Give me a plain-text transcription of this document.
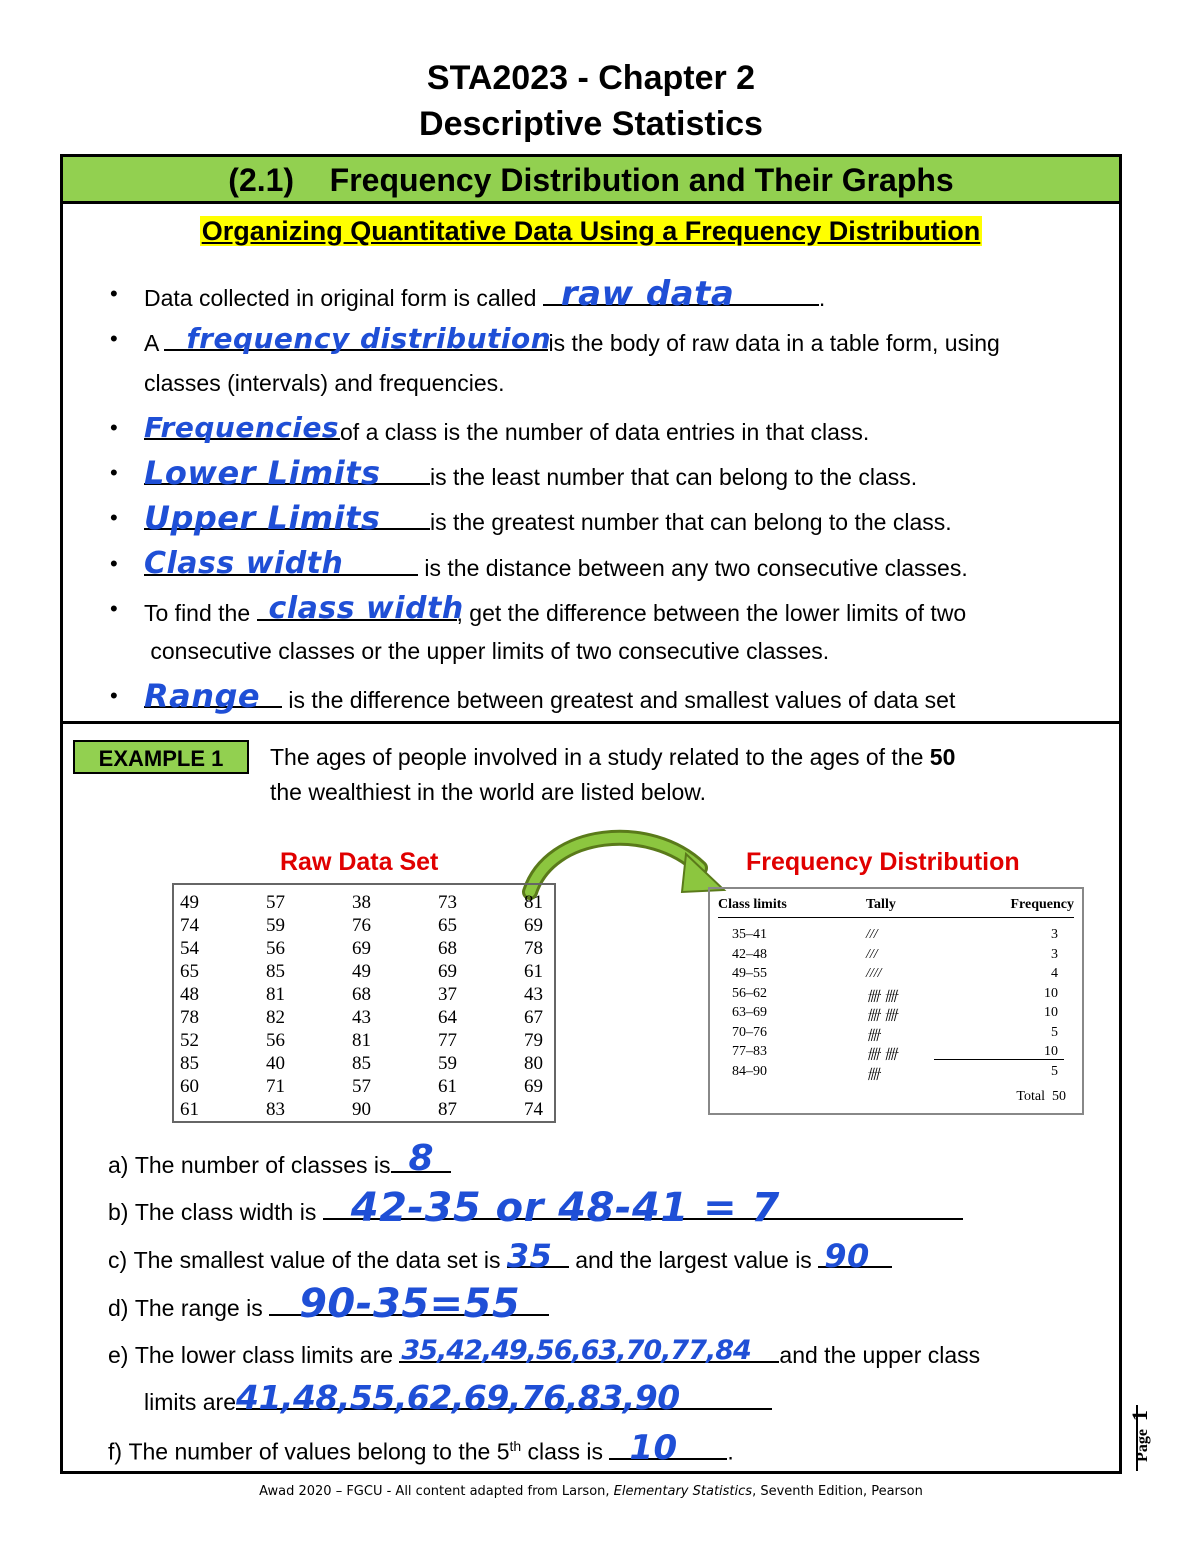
STA2023 - Chapter 2
Descriptive Statistics
(2.1)    Frequency Distribution and Their Graphs
Organizing Quantitative Data Using a Frequency Distribution
• Data collected in original form is called raw data	.
• A frequency distribution
is the body of raw data in a table form, using
classes (intervals) and frequencies.
• Frequencies of a class is the number of data entries in that class.
• Lower Limits is the least number that can belong to the class.
• Upper Limits is the greatest number that can belong to the class.
• Class width	is the distance between any two consecutive classes.
• To find the class width
, get the difference between the lower limits of two
consecutive classes or the upper limits of two consecutive classes.
• Range is the difference between greatest and smallest values of data set
EXAMPLE 1	The ages of people involved in a study related to the ages of the 50
the wealthiest in the world are listed below.
Raw Data Set	Frequency Distribution
49	57	38	73	81
74	59	76	65	69
54	56	69	68	78
65	85	49	69	61
48	81	68	37	43
78	82	43	64	67
52	56	81	77	79
85	40	85	59	80
60	71	57	61	69
61	83	90	87	74
Class limits	Tally	Frequency
35–41	///	3
42–48	///	3
49–55	////	4
56–62	卌 卌	10
63–69	卌 卌	10
70–76	卌	5
77–83	卌 卌	10
84–90	卌	5
Total 50
a) The number of classes is 8
b) The class width is 42-35 or 48-41 = 7
c) The smallest value of the data set is 35 and the largest value is 90
d) The range is 90-35=55
e) The lower class limits are 35,42,49,56,63,70,77,84 and the upper class
limits are 41,48,55,62,69,76,83,90
f) The number of values belong to the 5th class is 10 .	Page  1
Awad 2020 – FGCU - All content adapted from Larson, Elementary Statistics, Seventh Edition, Pearson
